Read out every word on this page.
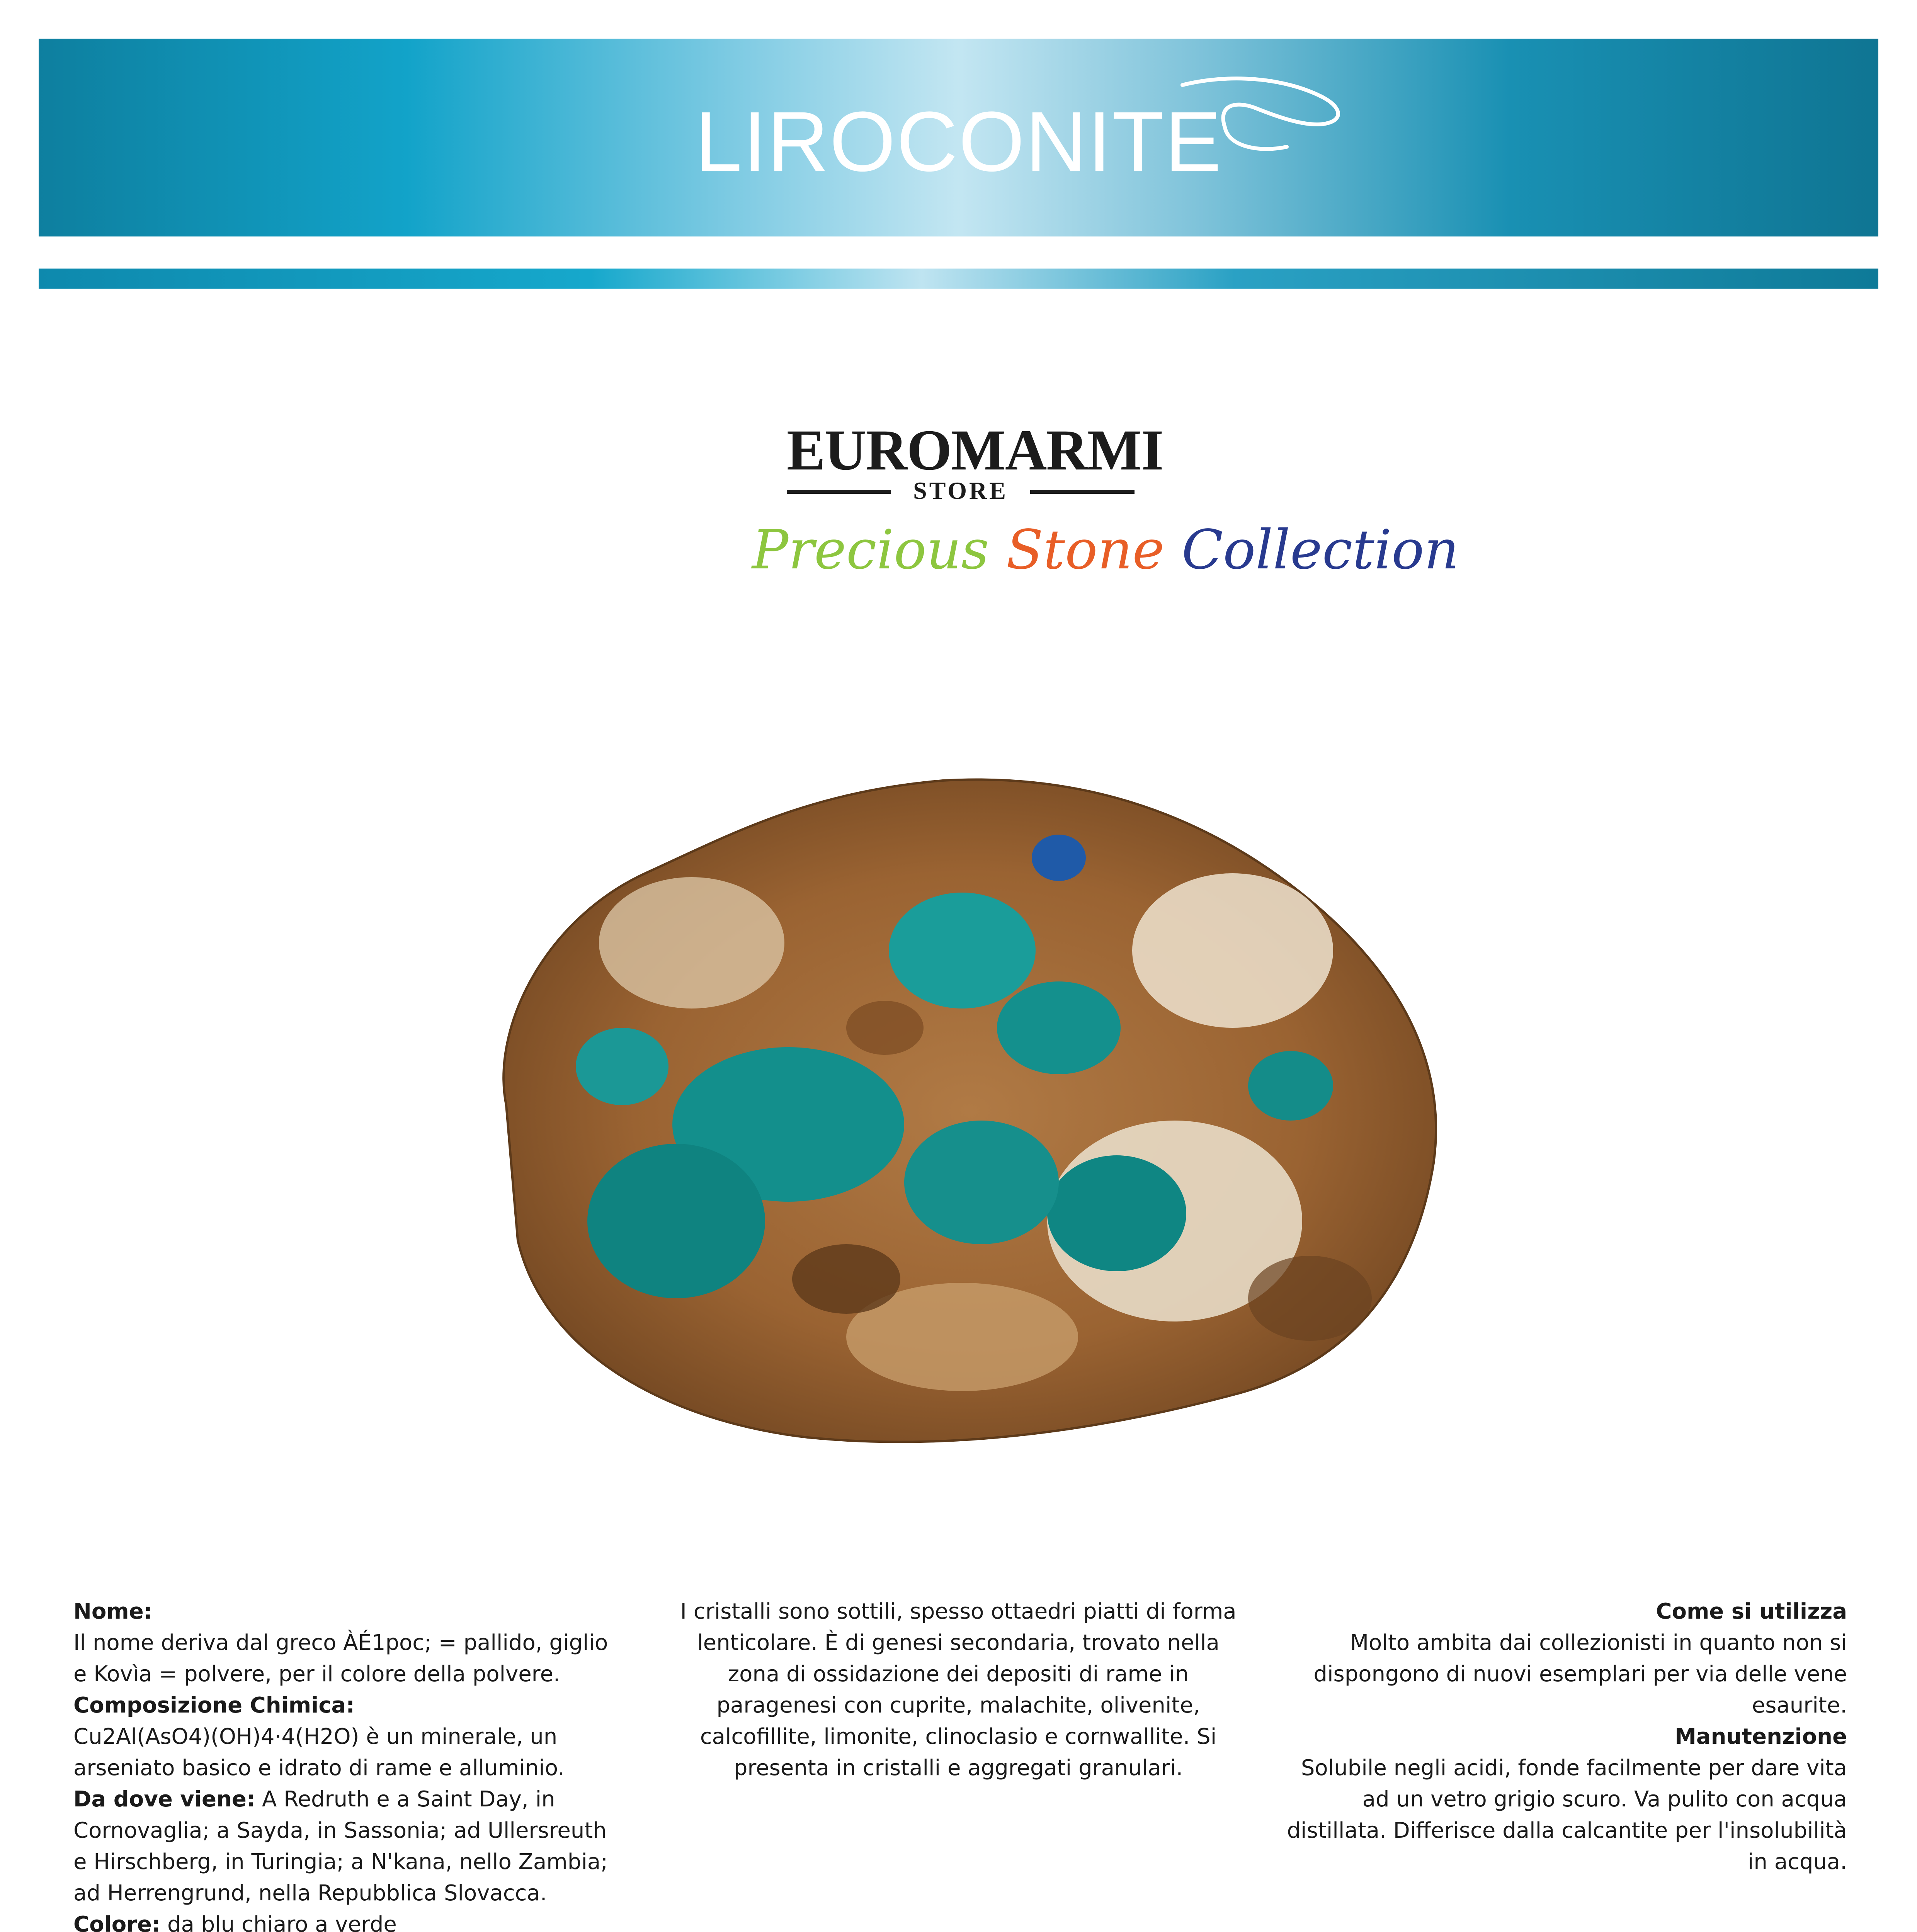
LIROCONITE
EUROMARMI
STORE
Precious Stone Collection

Nome:

Il nome deriva dal greco ÀÉ1poc; = pallido, giglio e Kovìa = polvere, per il colore della polvere.

Composizione Chimica:

Cu2Al(AsO4)(OH)4·4(H2O) è un minerale, un arseniato basico e idrato di rame e alluminio.

Da dove viene: A Redruth e a Saint Day, in Cornovaglia; a Sayda, in Sassonia; ad Ullersreuth e Hirschberg, in Turingia; a N'kana, nello Zambia; ad Herrengrund, nella Repubblica Slovacca.

Colore: da blu chiaro a verde

I cristalli sono sottili, spesso ottaedri piatti di forma lenticolare. È di genesi secondaria, trovato nella zona di ossidazione dei depositi di rame in paragenesi con cuprite, malachite, olivenite, calcofillite, limonite, clinoclasio e cornwallite. Si presenta in cristalli e aggregati granulari.

Come si utilizza

Molto ambita dai collezionisti in quanto non si dispongono di nuovi esemplari per via delle vene esaurite.

Manutenzione

Solubile negli acidi, fonde facilmente per dare vita ad un vetro grigio scuro. Va pulito con acqua distillata. Differisce dalla calcantite per l'insolubilità in acqua.
